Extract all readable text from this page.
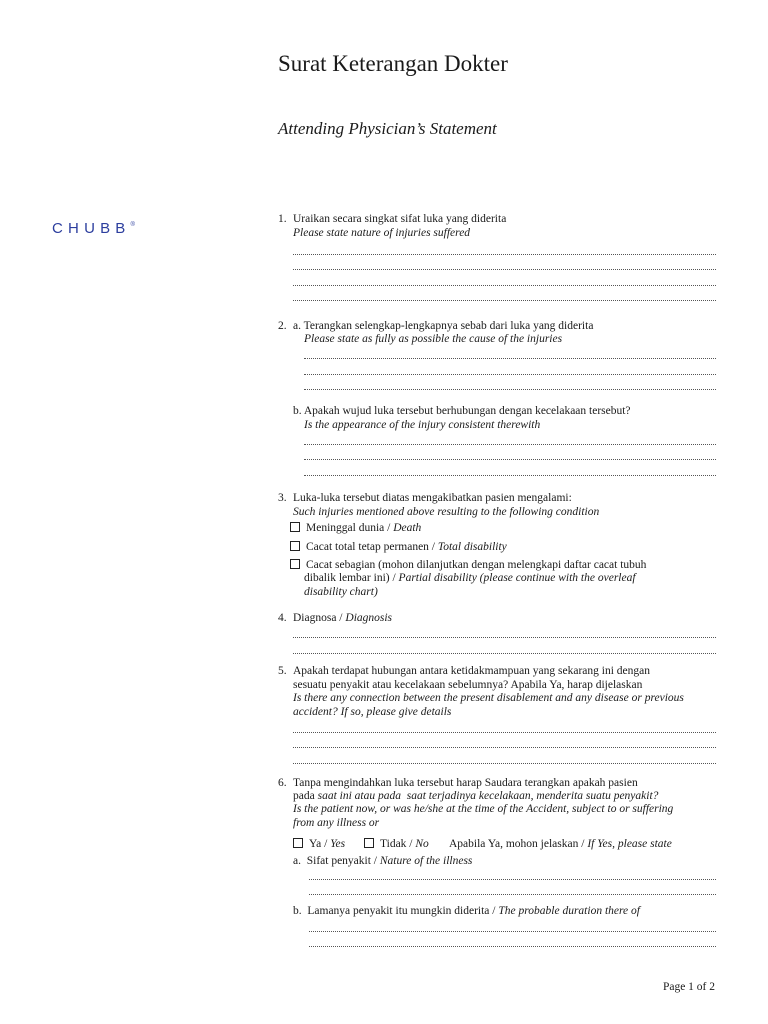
Surat Keterangan Dokter
Attending Physician’s Statement
CHUBB®	1. Uraikan secara singkat sifat luka yang diderita
Please state nature of injuries suffered
2. a. Terangkan selengkap-lengkapnya sebab dari luka yang diderita
Please state as fully as possible the cause of the injuries
b. Apakah wujud luka tersebut berhubungan dengan kecelakaan tersebut?
Is the appearance of the injury consistent therewith
3. Luka-luka tersebut diatas mengakibatkan pasien mengalami:
Such injuries mentioned above resulting to the following condition
Meninggal dunia / Death
Cacat total tetap permanen / Total disability
Cacat sebagian (mohon dilanjutkan dengan melengkapi daftar cacat tubuh
dibalik lembar ini) / Partial disability (please continue with the overleaf
disability chart)
4. Diagnosa / Diagnosis
5. Apakah terdapat hubungan antara ketidakmampuan yang sekarang ini dengan
sesuatu penyakit atau kecelakaan sebelumnya? Apabila Ya, harap dijelaskan
Is there any connection between the present disablement and any disease or previous
accident? If so, please give details
6. Tanpa mengindahkan luka tersebut harap Saudara terangkan apakah pasien
pada saat ini atau pada  saat terjadinya kecelakaan, menderita suatu penyakit?
Is the patient now, or was he/she at the time of the Accident, subject to or suffering
from any illness or
Ya / Yes	Tidak / No Apabila Ya, mohon jelaskan / If Yes, please state
a.  Sifat penyakit / Nature of the illness
b.  Lamanya penyakit itu mungkin diderita / The probable duration there of
Page 1 of 2
